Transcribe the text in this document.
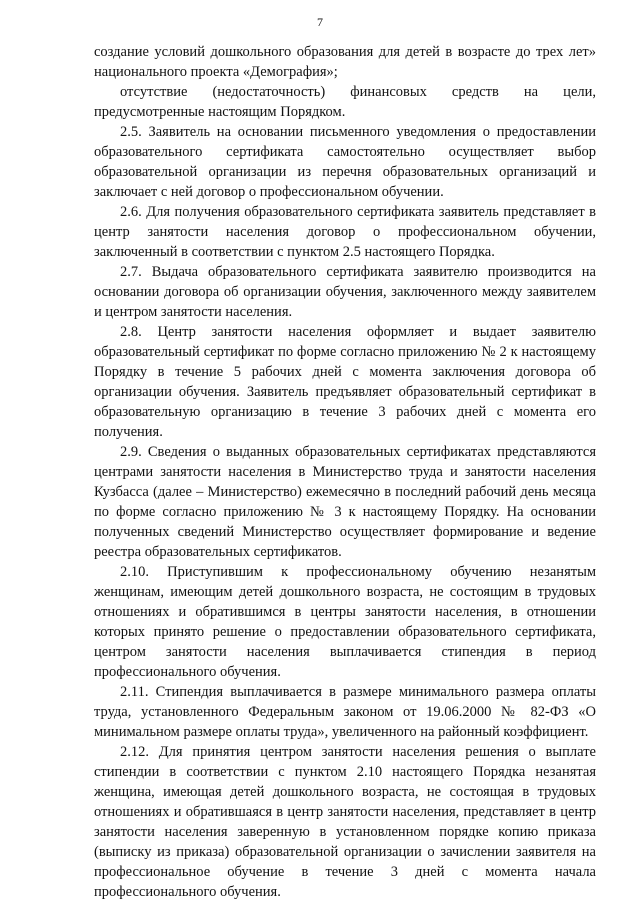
7

создание условий дошкольного образования для детей в возрасте до трех лет» национального проекта «Демография»;

отсутствие (недостаточность) финансовых средств на цели, предусмотренные настоящим Порядком.

2.5. Заявитель на основании письменного уведомления о предоставлении образовательного сертификата самостоятельно осуществляет выбор образовательной организации из перечня образовательных организаций и заключает с ней договор о профессиональном обучении.

2.6. Для получения образовательного сертификата заявитель представляет в центр занятости населения договор о профессиональном обучении, заключенный в соответствии с пунктом 2.5 настоящего Порядка.

2.7. Выдача образовательного сертификата заявителю производится на основании договора об организации обучения, заключенного между заявителем и центром занятости населения.

2.8. Центр занятости населения оформляет и выдает заявителю образовательный сертификат по форме согласно приложению № 2 к настоящему Порядку в течение 5 рабочих дней с момента заключения договора об организации обучения. Заявитель предъявляет образовательный сертификат в образовательную организацию в течение 3 рабочих дней с момента его получения.

2.9. Сведения о выданных образовательных сертификатах представляются центрами занятости населения в Министерство труда и занятости населения Кузбасса (далее – Министерство) ежемесячно в последний рабочий день месяца по форме согласно приложению № 3 к настоящему Порядку. На основании полученных сведений Министерство осуществляет формирование и ведение реестра образовательных сертификатов.

2.10. Приступившим к профессиональному обучению незанятым женщинам, имеющим детей дошкольного возраста, не состоящим в трудовых отношениях и обратившимся в центры занятости населения, в отношении которых принято решение о предоставлении образовательного сертификата, центром занятости населения выплачивается стипендия в период профессионального обучения.

2.11. Стипендия выплачивается в размере минимального размера оплаты труда, установленного Федеральным законом от 19.06.2000 № 82-ФЗ «О минимальном размере оплаты труда», увеличенного на районный коэффициент.

2.12. Для принятия центром занятости населения решения о выплате стипендии в соответствии с пунктом 2.10 настоящего Порядка незанятая женщина, имеющая детей дошкольного возраста, не состоящая в трудовых отношениях и обратившаяся в центр занятости населения, представляет в центр занятости населения заверенную в установленном порядке копию приказа (выписку из приказа) образовательной организации о зачислении заявителя на профессиональное обучение в течение 3 дней с момента начала профессионального обучения.
